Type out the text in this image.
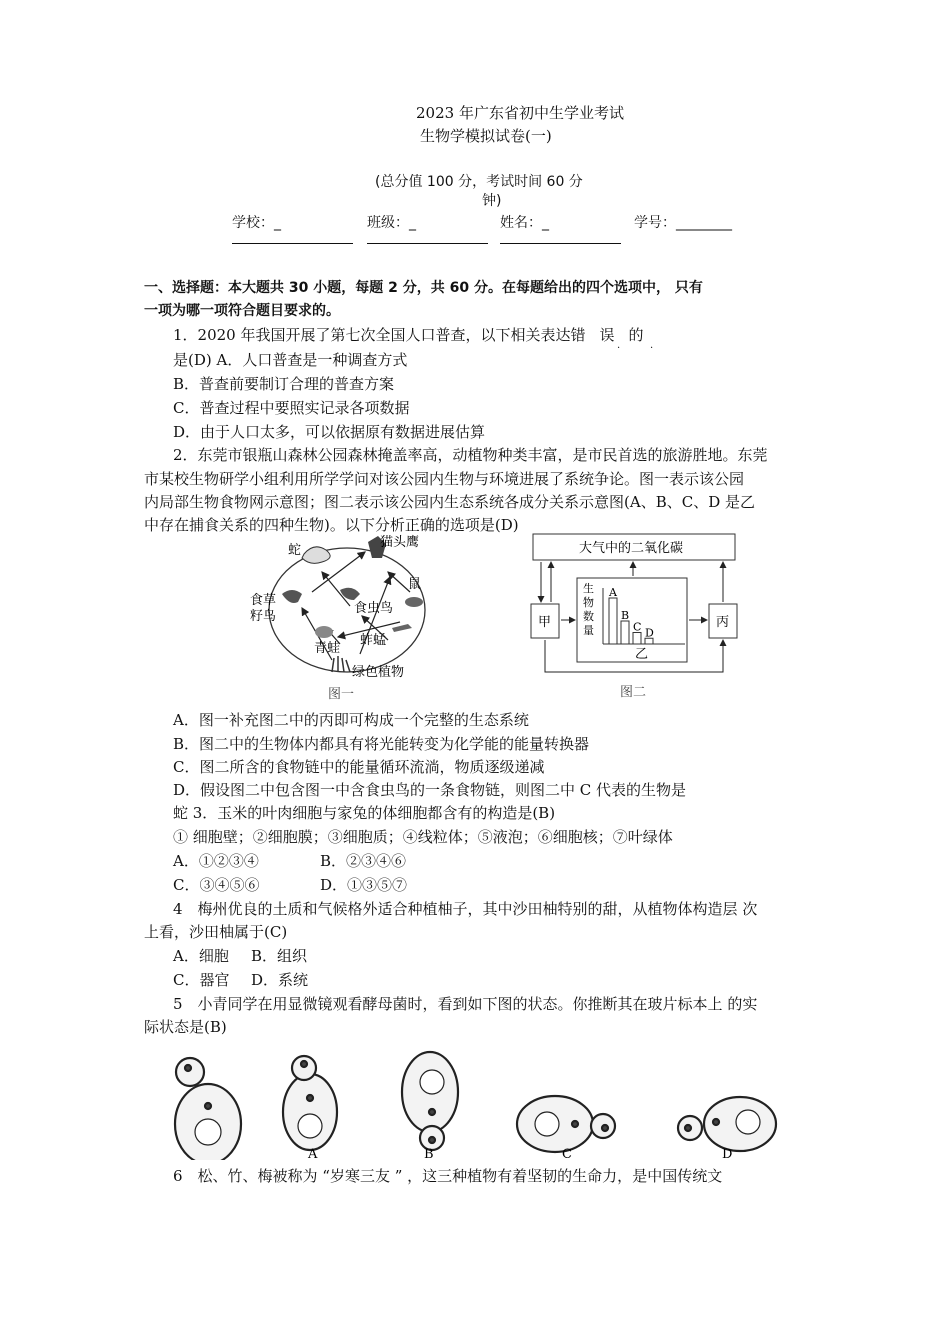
2023 年广东省初中生学业考试
生物学模拟试卷(一)
(总分值 100 分，考试时间 60 分
钟)
学校：_	班级：_	姓名：_	学号：________
一、选择题：本大题共 30 小题，每题 2 分，共 60 分。在每题给出的四个选项中， 只有
一项为哪一项符合题目要求的。
1．2020 年我国开展了第七次全国人口普查，以下相关表达错 误 的
.	.
是(D) A．人口普查是一种调查方式
B．普查前要制订合理的普查方案
C．普查过程中要照实记录各项数据
D．由于人口太多，可以依据原有数据进展估算
2．东莞市银瓶山森林公园森林掩盖率高，动植物种类丰富，是市民首选的旅游胜地。东莞
市某校生物研学小组利用所学学问对该公园内生物与环境进展了系统争论。图一表示该公园
内局部生物食物网示意图；图二表示该公园内生态系统各成分关系示意图(A、B、C、D 是乙
中存在捕食关系的四种生物)。以下分析正确的选项是(D)
蛇
猫头鹰
食草
籽鸟
鼠
食虫鸟
青蛙
蚱蜢
绿色植物
图一
大气中的二氧化碳
甲	丙
A
B
C D
生
物
数
量
乙
图二
A．图一补充图二中的丙即可构成一个完整的生态系统
B．图二中的生物体内都具有将光能转变为化学能的能量转换器
C．图二所含的食物链中的能量循环流淌，物质逐级递减
D．假设图二中包含图一中含食虫鸟的一条食物链，则图二中 C 代表的生物是
蛇 3．玉米的叶肉细胞与家兔的体细胞都含有的构造是(B)
① 细胞壁；②细胞膜；③细胞质；④线粒体；⑤液泡；⑥细胞核；⑦叶绿体
A．①②③④	B．②③④⑥
C．③④⑤⑥	D．①③⑤⑦
4　梅州优良的土质和气候格外适合种植柚子，其中沙田柚特别的甜，从植物体构造层 次
上看，沙田柚属于(C)
A．细胞 B．组织
C．器官 D．系统
5　小青同学在用显微镜观看酵母菌时，看到如下图的状态。你推断其在玻片标本上 的实
际状态是(B)
A	B	C	D
6　松、竹、梅被称为 “岁寒三友 ” ，这三种植物有着坚韧的生命力，是中国传统文
